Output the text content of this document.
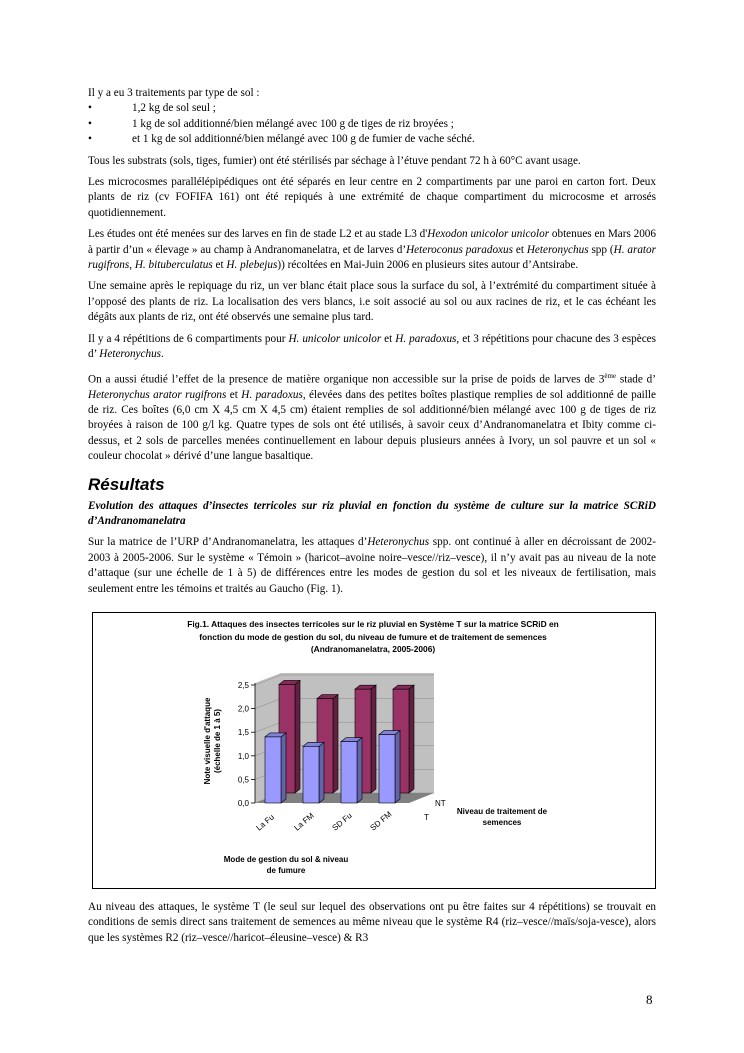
Il y a eu 3 traitements par type de sol :

•	1,2 kg de sol seul ;
•	1 kg de sol additionné/bien mélangé avec 100 g de tiges de riz broyées ;
•	et 1 kg de sol additionné/bien mélangé avec 100 g de fumier de vache séché.

Tous les substrats (sols, tiges, fumier) ont été stérilisés par séchage à l’étuve pendant 72 h à 60°C avant usage.

Les microcosmes parallélépipédiques ont été séparés en leur centre en 2 compartiments par une paroi en carton fort. Deux plants de riz (cv FOFIFA 161) ont été repiqués à une extrémité de chaque compartiment du microcosme et arrosés quotidiennement.

Les études ont été menées sur des larves en fin de stade L2 et au stade L3 d'Hexodon unicolor unicolor obtenues en Mars 2006 à partir d’un « élevage » au champ à Andranomanelatra, et de larves d’Heteroconus paradoxus et Heteronychus spp (H. arator rugifrons, H. bituberculatus et H. plebejus)) récoltées en Mai-Juin 2006 en plusieurs sites autour d’Antsirabe.

Une semaine après le repiquage du riz, un ver blanc était place sous la surface du sol, à l’extrémité du compartiment située à l’opposé des plants de riz. La localisation des vers blancs, i.e soit associé au sol ou aux racines de riz, et le cas échéant les dégâts aux plants de riz, ont été observés une semaine plus tard.

Il y a 4 répétitions de 6 compartiments pour H. unicolor unicolor et H. paradoxus, et 3 répétitions pour chacune des 3 espèces d’ Heteronychus.

On a aussi étudié l’effet de la presence de matière organique non accessible sur la prise de poids de larves de 3ème stade d’ Heteronychus arator rugifrons et H. paradoxus, élevées dans des petites boîtes plastique remplies de sol additionné de paille de riz. Ces boîtes (6,0 cm X 4,5 cm X 4,5 cm) étaient remplies de sol additionné/bien mélangé avec 100 g de tiges de riz broyées à raison de 100 g/l kg. Quatre types de sols ont été utilisés, à savoir ceux d’Andranomanelatra et Ibity comme ci-dessus, et 2 sols de parcelles menées continuellement en labour depuis plusieurs années à Ivory, un sol pauvre et un sol « couleur chocolat » dérivé d’une langue basaltique.

Résultats

Evolution des attaques d’insectes terricoles sur riz pluvial en fonction du système de culture sur la matrice SCRiD d’Andranomanelatra

Sur la matrice de l’URP d’Andranomanelatra, les attaques d’Heteronychus spp. ont continué à aller en décroissant de 2002-2003 à 2005-2006. Sur le système « Témoin » (haricot–avoine noire–vesce//riz–vesce), il n’y avait pas au niveau de la note d’attaque (sur une échelle de 1 à 5) de différences entre les modes de gestion du sol et les niveaux de fertilisation, mais seulement entre les témoins et traités au Gaucho (Fig. 1).

Fig.1. Attaques des insectes terricoles sur le riz pluvial en Système T sur la matrice SCRiD en
fonction du mode de gestion du sol, du niveau de fumure et de traitement de semences
(Andranomanelatra, 2005-2006)
0,0
0,5
1,0
1,5
2,0
2,5
La Fu La FM SD Fu SD FM
NT
T
Note visuelle d'attaque (échelle de 1 à 5)
Mode de gestion du sol & niveau
de fumure
Niveau de traitement de
semences
Au niveau des attaques, le système T (le seul sur lequel des observations ont pu être faites sur 4 répétitions) se trouvait en conditions de semis direct sans traitement de semences au même niveau que le système R4 (riz–vesce//maïs/soja-vesce), alors que les systèmes R2 (riz–vesce//haricot–éleusine–vesce) & R3
8
